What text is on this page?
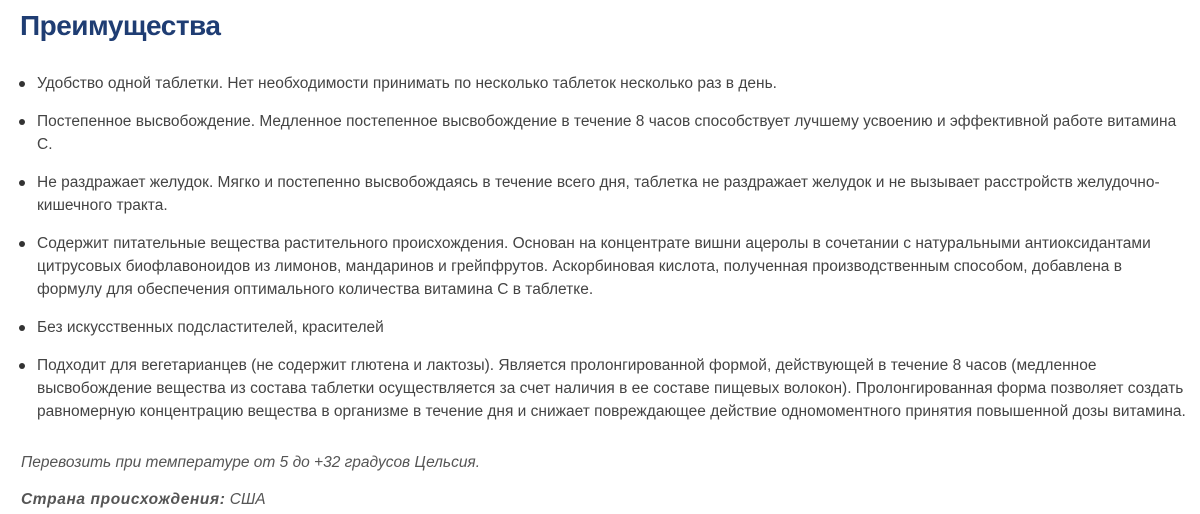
Преимущества
Удобство одной таблетки. Нет необходимости принимать по несколько таблеток несколько раз в день.
Постепенное высвобождение. Медленное постепенное высвобождение в течение 8 часов способствует лучшему усвоению и эффективной работе витамина С.
Не раздражает желудок. Мягко и постепенно высвобождаясь в течение всего дня, таблетка не раздражает желудок и не вызывает расстройств желудочно-кишечного тракта.
Содержит питательные вещества растительного происхождения. Основан на концентрате вишни ацеролы в сочетании с натуральными антиоксидантами цитрусовых биофлавоноидов из лимонов, мандаринов и грейпфрутов. Аскорбиновая кислота, полученная производственным способом, добавлена в формулу для обеспечения оптимального количества витамина С в таблетке.
Без искусственных подсластителей, красителей
Подходит для вегетарианцев (не содержит глютена и лактозы). Является пролонгированной формой, действующей в течение 8 часов (медленное высвобождение вещества из состава таблетки осуществляется за счет наличия в ее составе пищевых волокон). Пролонгированная форма позволяет создать равномерную концентрацию вещества в организме в течение дня и снижает повреждающее действие одномоментного принятия повышенной дозы витамина.

Перевозить при температуре от 5 до +32 градусов Цельсия.

Страна происхождения: США
